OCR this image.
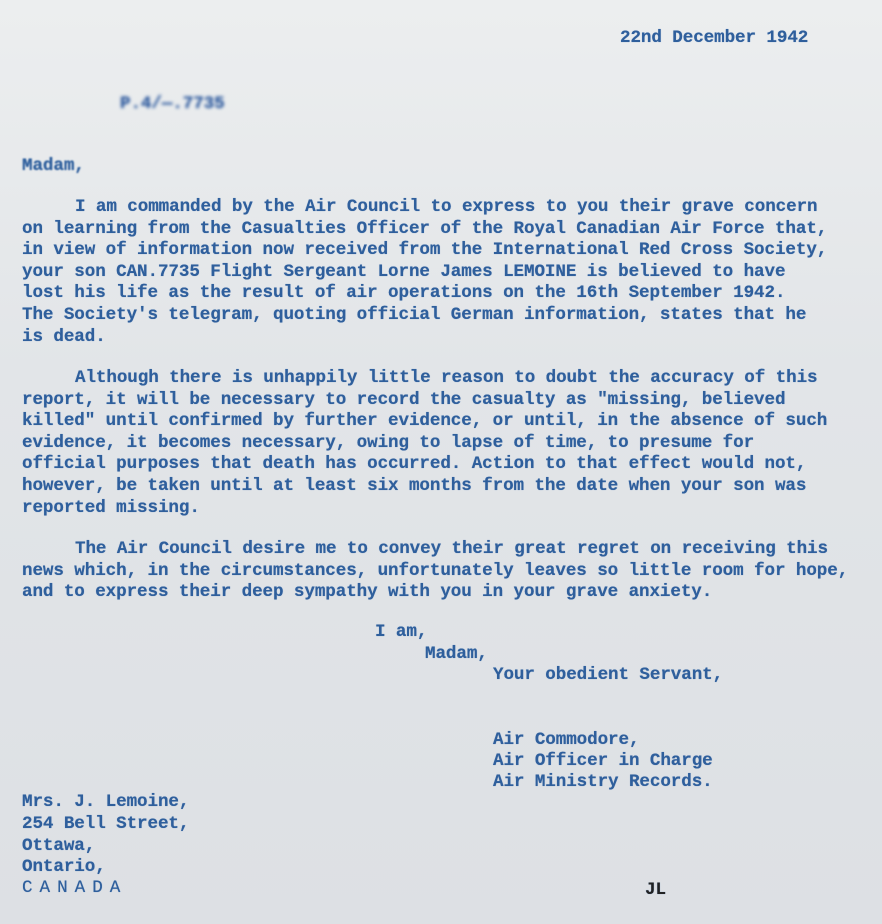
22nd December 1942
P.4/—.7735
Madam,
I am commanded by the Air Council to express to you their grave concern
on learning from the Casualties Officer of the Royal Canadian Air Force that,
in view of information now received from the International Red Cross Society,
your son CAN.7735 Flight Sergeant Lorne James LEMOINE is believed to have
lost his life as the result of air operations on the 16th September 1942.
The Society's telegram, quoting official German information, states that he
is dead.
Although there is unhappily little reason to doubt the accuracy of this
report, it will be necessary to record the casualty as "missing, believed
killed" until confirmed by further evidence, or until, in the absence of such
evidence, it becomes necessary, owing to lapse of time, to presume for
official purposes that death has occurred. Action to that effect would not,
however, be taken until at least six months from the date when your son was
reported missing.
The Air Council desire me to convey their great regret on receiving this
news which, in the circumstances, unfortunately leaves so little room for hope,
and to express their deep sympathy with you in your grave anxiety.
I am,
Madam,
Your obedient Servant,
Air Commodore,
Air Officer in Charge
Air Ministry Records.
Mrs. J. Lemoine,
254 Bell Street,
Ottawa,
Ontario,
CANADA	JL
